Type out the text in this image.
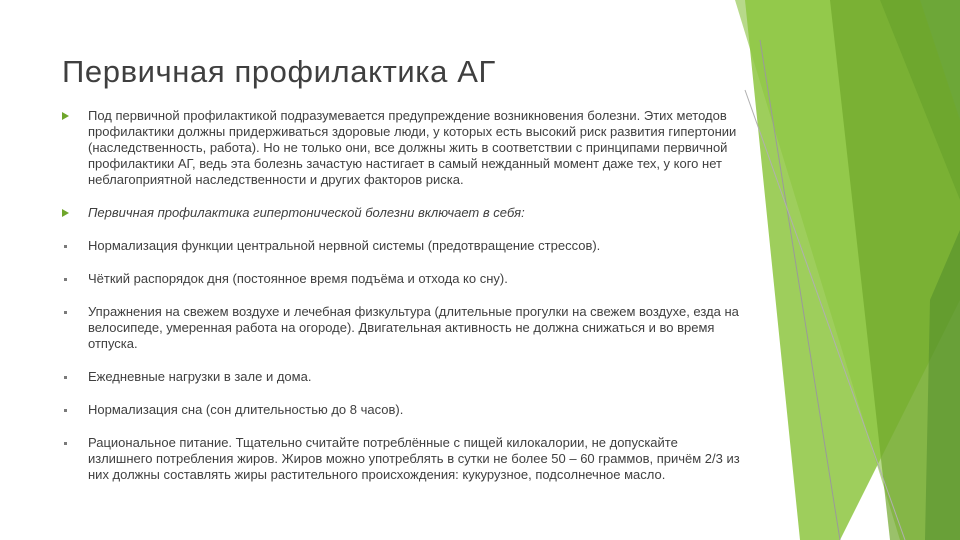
Первичная профилактика АГ
Под первичной профилактикой подразумевается предупреждение возникновения болезни. Этих методов профилактики должны придерживаться здоровые люди, у которых есть высокий риск развития гипертонии (наследственность, работа). Но не только они, все должны жить в соответствии с принципами первичной профилактики АГ, ведь эта болезнь зачастую настигает в самый нежданный момент даже тех, у кого нет неблагоприятной наследственности и других факторов риска.
Первичная профилактика гипертонической болезни включает в себя:
Нормализация функции центральной нервной системы (предотвращение стрессов).
Чёткий распорядок дня (постоянное время подъёма и отхода ко сну).
Упражнения на свежем воздухе и лечебная физкультура (длительные прогулки на свежем воздухе, езда на велосипеде, умеренная работа на огороде). Двигательная активность не должна снижаться и во время отпуска.
Ежедневные нагрузки в зале и дома.
Нормализация сна (сон длительностью до 8 часов).
Рациональное питание. Тщательно считайте потреблённые с пищей килокалории, не допускайте излишнего потребления жиров. Жиров можно употреблять в сутки не более 50 – 60 граммов, причём 2/3 из них должны составлять жиры растительного происхождения: кукурузное, подсолнечное масло.
